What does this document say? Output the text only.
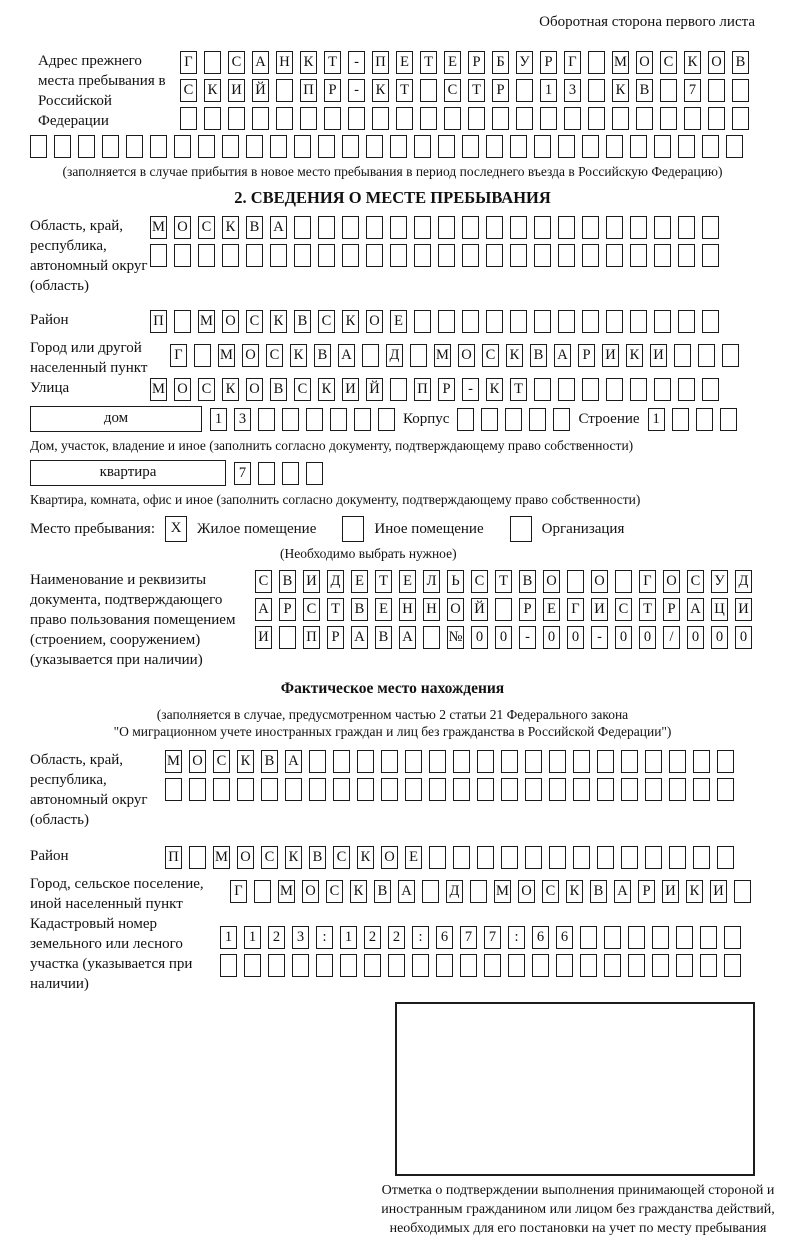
Оборотная сторона первого листа
Адрес прежнего места пребывания в Российской Федерации
Г	С А Н К Т	-	П Е Т Е	Р	Б У	Р	Г	М О С К О В
С К И Й	П	Р	-	К Т	С Т	Р	1	3	К В	7
(заполняется в случае прибытия в новое место пребывания в период последнего въезда в Российскую Федерацию)
2. СВЕДЕНИЯ О МЕСТЕ ПРЕБЫВАНИЯ
Область, край, республика, автономный округ (область)
М О С К В А
Район	П	М О С К В С К О Е
Город или другой населенный пункт
Г	М О С К В А	Д	М О С К В А	Р	И К И
Улица	М О С К О В С К И Й	П	Р	-	К Т
дом	1	3	Корпус	Строение 1
Дом, участок, владение и иное (заполнить согласно документу, подтверждающему право собственности)
квартира	7
Квартира, комната, офис и иное (заполнить согласно документу, подтверждающему право собственности)
Место пребывания:	X	Жилое помещение	Иное помещение	Организация
(Необходимо выбрать нужное)
Наименование и реквизиты документа, подтверждающего право пользования помещением (строением, сооружением) (указывается при наличии)
С В И Д Е Т Е Л Ь С Т В О	О	Г О С У Д
А	Р	С Т В Е Н Н О Й	Р	Е Г И С Т	Р	А Ц И
И	П	Р	А В А № 0	0	-	0	0	-	0	0	/	0	0	0
Фактическое место нахождения
(заполняется в случае, предусмотренном частью 2 статьи 21 Федерального закона
"О миграционном учете иностранных граждан и лиц без гражданства в Российской Федерации")
Область, край, республика, автономный округ (область)
М О С К В А
Район	П	М О С К В С К О Е
Город, сельское поселение, иной населенный пункт
Г	М О С К В А	Д	М О С К В А	Р	И К И
Кадастровый номер земельного или лесного участка (указывается при наличии)
1	1	2	3	:	1	2	2	:	6	7	7	:	6	6
Отметка о подтверждении выполнения принимающей стороной и иностранным гражданином или лицом без гражданства действий, необходимых для его постановки на учет по месту пребывания
